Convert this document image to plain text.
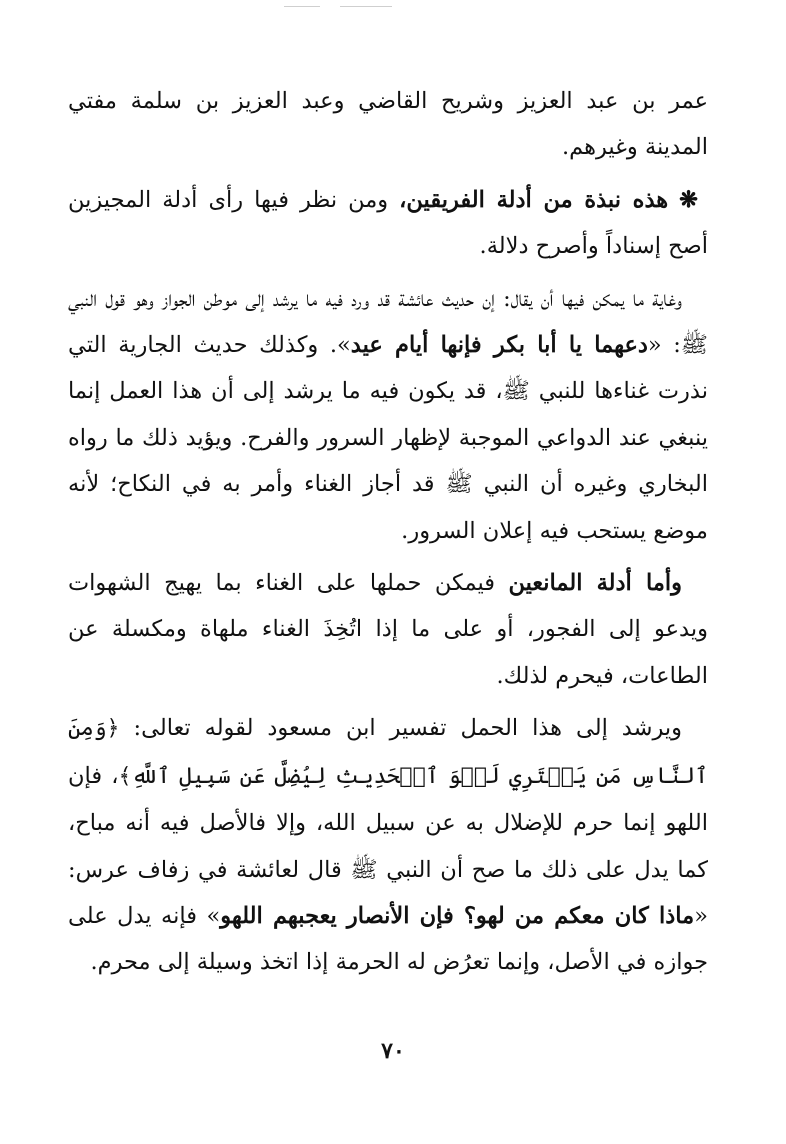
عمر بن عبد العزيز وشريح القاضي وعبد العزيز بن سلمة مفتي المدينة وغيرهم.

❋ هذه نبذة من أدلة الفريقين، ومن نظر فيها رأى أدلة المجيزين أصح إسناداً وأصرح دلالة.

وغاية ما يمكن فيها أن يقال: إن حديث عائشة قد ورد فيه ما يرشد إلى موطن الجواز وهو قول النبي ﷺ: «دعهما يا أبا بكر فإنها أيام عيد». وكذلك حديث الجارية التي نذرت غناءها للنبي ﷺ، قد يكون فيه ما يرشد إلى أن هذا العمل إنما ينبغي عند الدواعي الموجبة لإظهار السرور والفرح. ويؤيد ذلك ما رواه البخاري وغيره أن النبي ﷺ قد أجاز الغناء وأمر به في النكاح؛ لأنه موضع يستحب فيه إعلان السرور.

وأما أدلة المانعين فيمكن حملها على الغناء بما يهيج الشهوات ويدعو إلى الفجور، أو على ما إذا اتُخِذَ الغناء ملهاة ومكسلة عن الطاعات، فيحرم لذلك.

ويرشد إلى هذا الحمل تفسير ابن مسعود لقوله تعالى: ﴿وَمِنَ ٱلنَّاسِ مَن يَشۡتَرِي لَهۡوَ ٱلۡحَدِيثِ لِيُضِلَّ عَن سَبِيلِ ٱللَّهِ﴾، فإن اللهو إنما حرم للإضلال به عن سبيل الله، وإلا فالأصل فيه أنه مباح، كما يدل على ذلك ما صح أن النبي ﷺ قال لعائشة في زفاف عرس: «ماذا كان معكم من لهو؟ فإن الأنصار يعجبهم اللهو» فإنه يدل على جوازه في الأصل، وإنما تعرُض له الحرمة إذا اتخذ وسيلة إلى محرم.

٧٠
